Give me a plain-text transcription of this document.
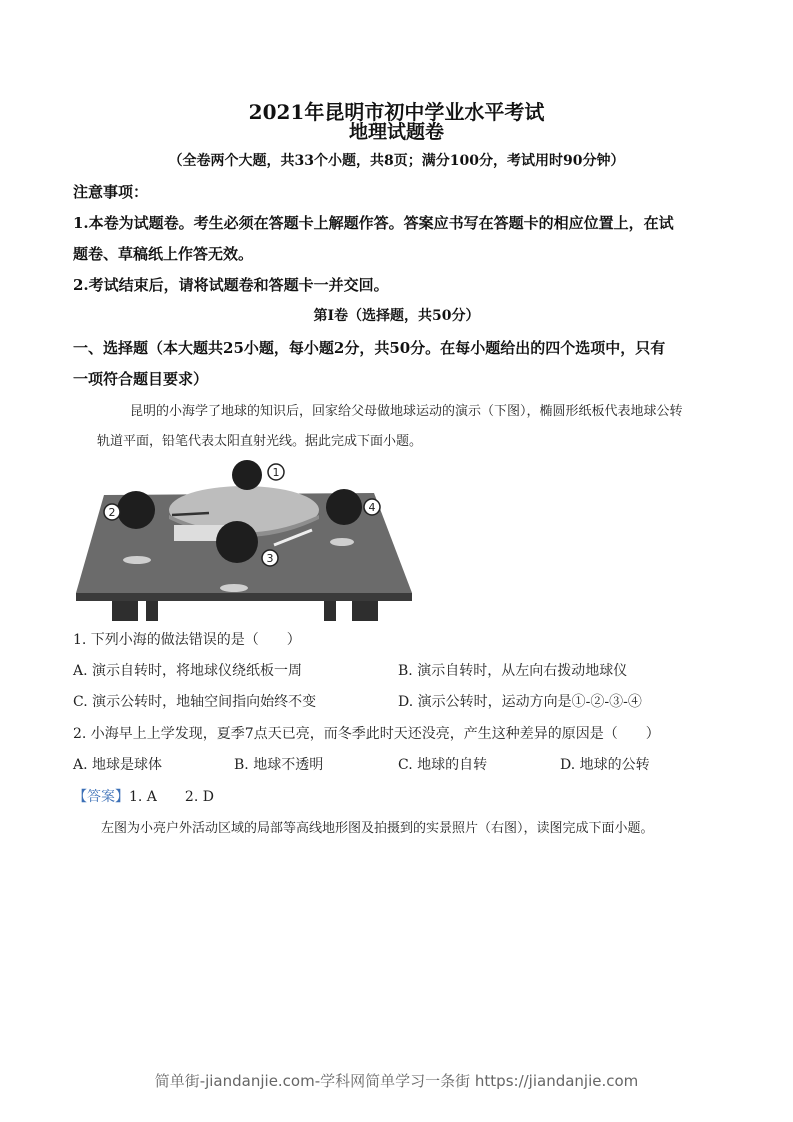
2021年昆明市初中学业水平考试
地理试题卷
（全卷两个大题，共33个小题，共8页；满分100分，考试用时90分钟）
注意事项：
1.本卷为试题卷。考生必须在答题卡上解题作答。答案应书写在答题卡的相应位置上，在试
题卷、草稿纸上作答无效。
2.考试结束后，请将试题卷和答题卡一并交回。
第Ⅰ卷（选择题，共50分）
一、选择题（本大题共25小题，每小题2分，共50分。在每小题给出的四个选项中，只有
一项符合题目要求）
昆明的小海学了地球的知识后，回家给父母做地球运动的演示（下图），椭圆形纸板代表地球公转
轨道平面，铅笔代表太阳直射光线。据此完成下面小题。
1
2
3
4
1. 下列小海的做法错误的是（　　）
A. 演示自转时，将地球仪绕纸板一周	B. 演示自转时，从左向右拨动地球仪
C. 演示公转时，地轴空间指向始终不变	D. 演示公转时，运动方向是①-②-③-④
2. 小海早上上学发现，夏季7点天已亮，而冬季此时天还没亮，产生这种差异的原因是（　　）
A. 地球是球体	B. 地球不透明	C. 地球的自转	D. 地球的公转
【答案】1. A　　2. D
左图为小亮户外活动区域的局部等高线地形图及拍摄到的实景照片（右图），读图完成下面小题。
简单街-jiandanjie.com-学科网简单学习一条街 https://jiandanjie.com
